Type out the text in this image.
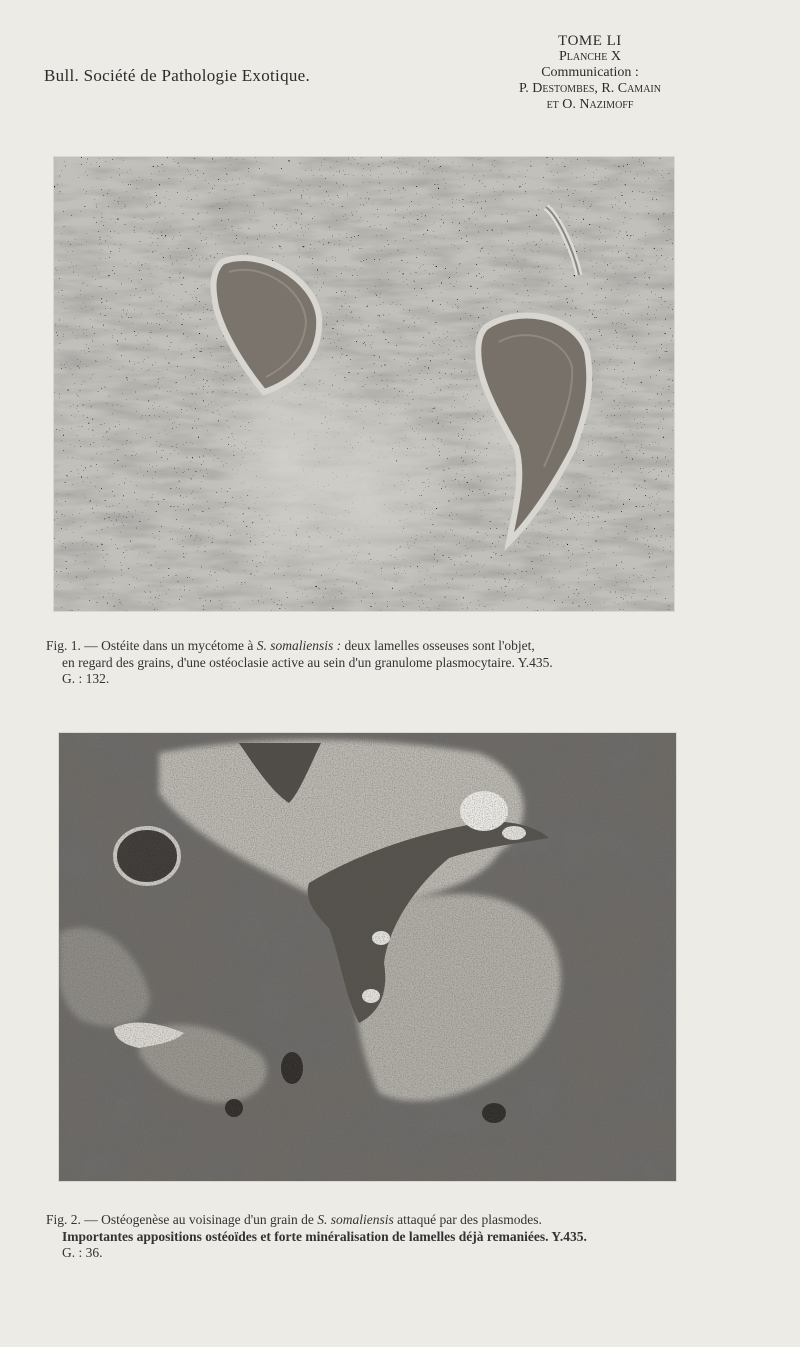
Bull. Société de Pathologie Exotique.
TOME LI
Planche X
Communication :
P. Destombes, R. Camain
et O. Nazimoff
Fig. 1. — Ostéite dans un mycétome à S. somaliensis : deux lamelles osseuses sont l'objet,
en regard des grains, d'une ostéoclasie active au sein d'un granulome plasmocytaire. Y.435.
G. : 132.
Fig. 2. — Ostéogenèse au voisinage d'un grain de S. somaliensis attaqué par des plasmodes.
Importantes appositions ostéoïdes et forte minéralisation de lamelles déjà remaniées. Y.435.
G. : 36.
